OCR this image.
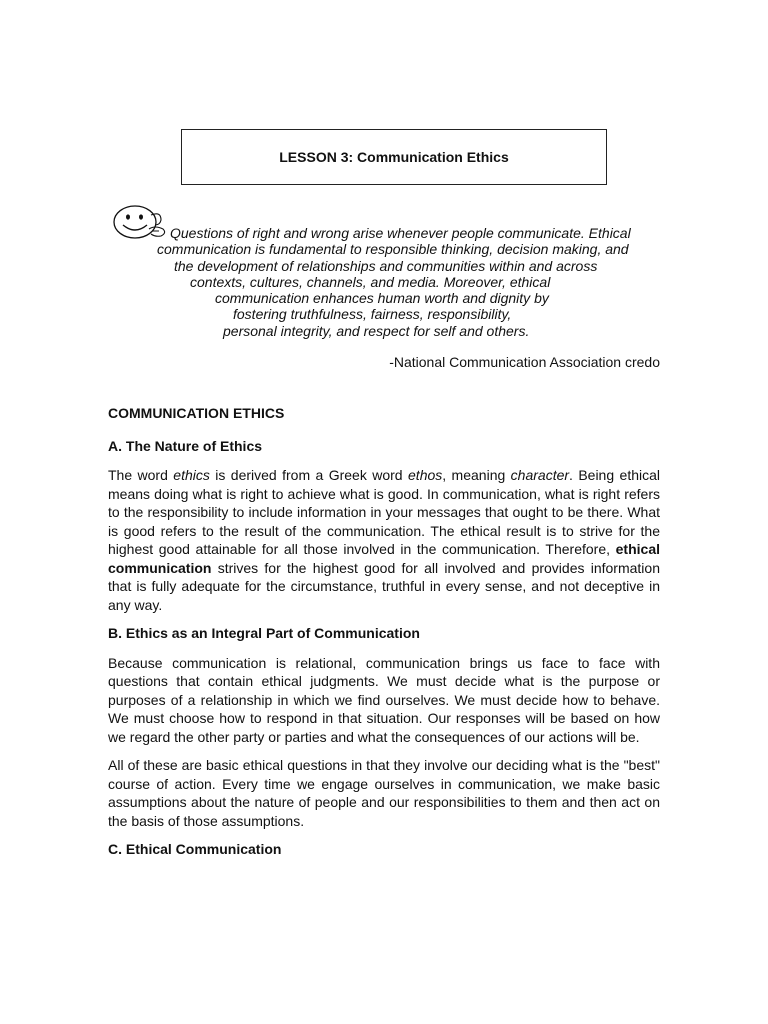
LESSON 3: Communication Ethics
Questions of right and wrong arise whenever people communicate. Ethical
communication is fundamental to responsible thinking, decision making, and
the development of relationships and communities within and across
contexts, cultures, channels, and media. Moreover, ethical
communication enhances human worth and dignity by
fostering truthfulness, fairness, responsibility,
personal integrity, and respect for self and others.
-National Communication Association credo

COMMUNICATION ETHICS

A. The Nature of Ethics

The word ethics is derived from a Greek word ethos, meaning character. Being ethical means doing what is right to achieve what is good. In communication, what is right refers to the responsibility to include information in your messages that ought to be there. What is good refers to the result of the communication. The ethical result is to strive for the highest good attainable for all those involved in the communication. Therefore, ethical communication strives for the highest good for all involved and provides information that is fully adequate for the circumstance, truthful in every sense, and not deceptive in any way.

B. Ethics as an Integral Part of Communication

Because communication is relational, communication brings us face to face with questions that contain ethical judgments. We must decide what is the purpose or purposes of a relationship in which we find ourselves. We must decide how to behave. We must choose how to respond in that situation. Our responses will be based on how we regard the other party or parties and what the consequences of our actions will be.

All of these are basic ethical questions in that they involve our deciding what is the "best" course of action. Every time we engage ourselves in communication, we make basic assumptions about the nature of people and our responsibilities to them and then act on the basis of those assumptions.

C. Ethical Communication
